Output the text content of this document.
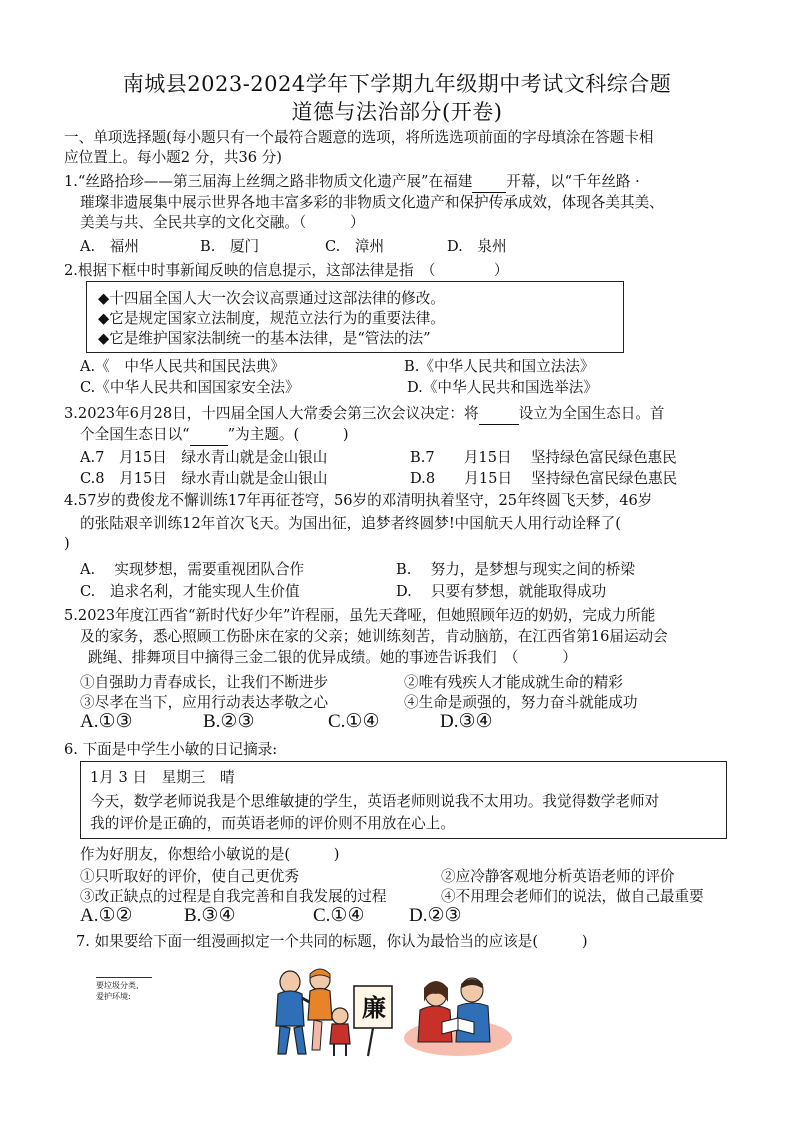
南城县2023-2024学年下学期九年级期中考试文科综合题
道德与法治部分(开卷)
一、单项选择题(每小题只有一个最符合题意的选项，将所选选项前面的字母填涂在答题卡相
应位置上。每小题2 分，共36 分)
1.“丝路拾珍——第三届海上丝绸之路非物质文化遗产展”在福建 开幕，以“千年丝路 ·
璀璨非遗展集中展示世界各地丰富多彩的非物质文化遗产和保护传承成效，体现各美其美、
美美与共、全民共享的文化交融。（　　　）
A.　福州	B.　厦门	C.　漳州	D.　泉州
2.根据下框中时事新闻反映的信息提示，这部法律是指　（　　　　）
◆十四届全国人大一次会议高票通过这部法律的修改。
◆它是规定国家立法制度，规范立法行为的重要法律。
◆它是维护国家法制统一的基本法律，是“管法的法”
A.《　中华人民共和国民法典》	B.《中华人民共和国立法法》
C.《中华人民共和国国家安全法》	D.《中华人民共和国选举法》
3.2023年6月28日，十四届全国人大常委会第三次会议决定：将	设立为全国生态日。首
个全国生态日以“	”为主题。(　　　)
A.7　月15日　绿水青山就是金山银山	B.7　　月15日　 坚持绿色富民绿色惠民
C.8　月15日　绿水青山就是金山银山	D.8　　月15日　 坚持绿色富民绿色惠民
4.57岁的费俊龙不懈训练17年再征苍穹，56岁的邓清明执着坚守，25年终圆飞天梦，46岁
的张陆艰辛训练12年首次飞天。为国出征，追梦者终圆梦!中国航天人用行动诠释了(
)
A.　 实现梦想，需要重视团队合作	B.　 努力，是梦想与现实之间的桥梁
C.　追求名利，才能实现人生价值	D.　 只要有梦想，就能取得成功
5.2023年度江西省“新时代好少年”许程丽，虽先天聋哑，但她照顾年迈的奶奶，完成力所能
及的家务，悉心照顾工伤卧床在家的父亲；她训练刻苦，肯动脑筋，在江西省第16届运动会
跳绳、排舞项目中摘得三金二银的优异成绩。她的事迹告诉我们　（　　　）
①自强助力青春成长，让我们不断进步	②唯有残疾人才能成就生命的精彩
③尽孝在当下，应用行动表达孝敬之心	④生命是顽强的，努力奋斗就能成功
A.①③	B.②③	C.①④	D.③④
6. 下面是中学生小敏的日记摘录:
1月 3 日　星期三　晴
今天，数学老师说我是个思维敏捷的学生，英语老师则说我不太用功。我觉得数学老师对
我的评价是正确的，而英语老师的评价则不用放在心上。
作为好朋友，你想给小敏说的是(　　　)
①只听取好的评价，使自己更优秀	②应冷静客观地分析英语老师的评价
③改正缺点的过程是自我完善和自我发展的过程	④不用理会老师们的说法，做自己最重要
A.①②	B.③④	C.①④ D.②③
7. 如果要给下面一组漫画拟定一个共同的标题，你认为最恰当的应该是(　　　)
要垃圾分类,
爱护环境:	廉
